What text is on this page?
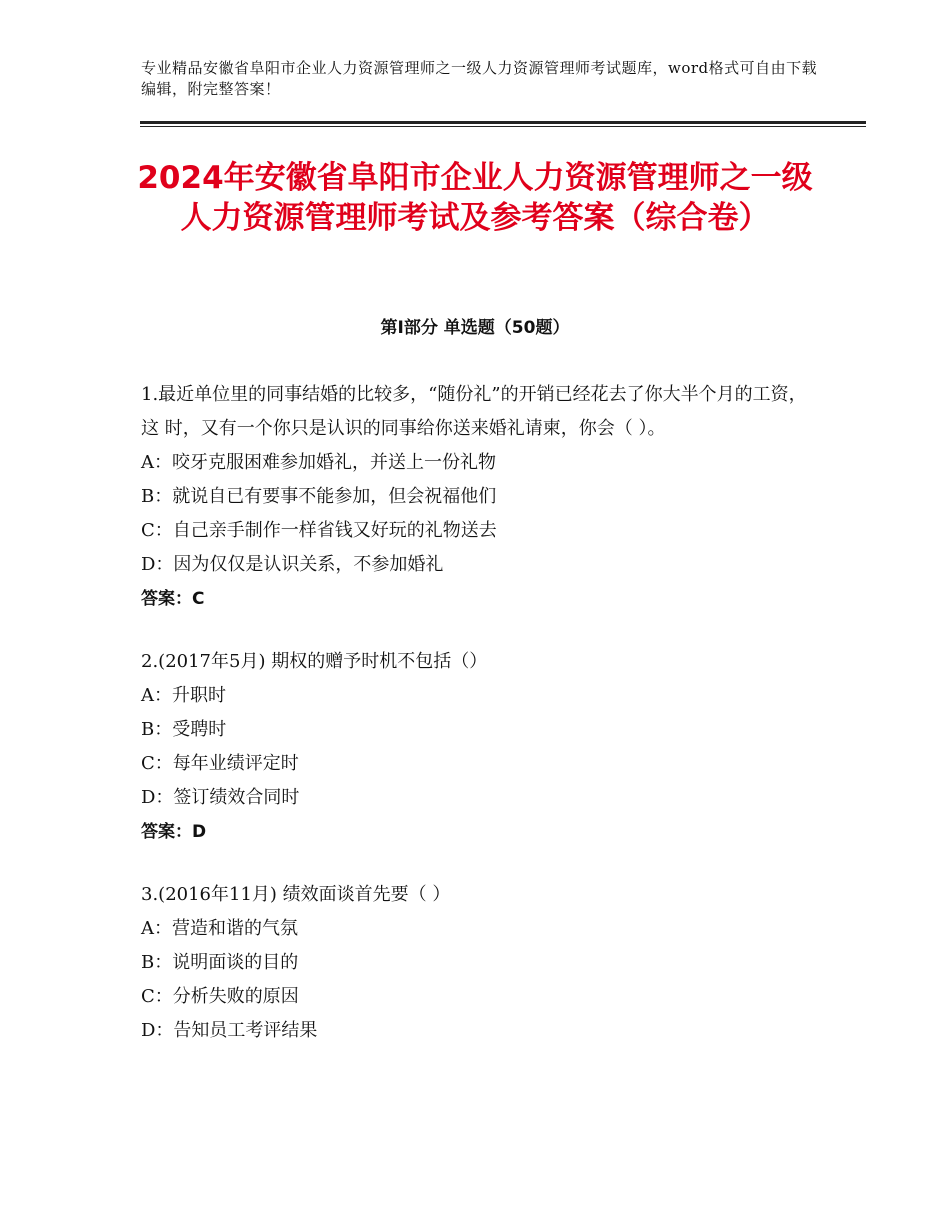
专业精品安徽省阜阳市企业人力资源管理师之一级人力资源管理师考试题库，word格式可自由下载编辑，附完整答案！
2024年安徽省阜阳市企业人力资源管理师之一级人力资源管理师考试及参考答案（综合卷）
第Ⅰ部分 单选题（50题）
1.最近单位里的同事结婚的比较多，“随份礼”的开销已经花去了你大半个月的工资，这 时，又有一个你只是认识的同事给你送来婚礼请柬，你会（ ）。
A：咬牙克服困难参加婚礼，并送上一份礼物
B：就说自已有要事不能参加，但会祝福他们
C：自己亲手制作一样省钱又好玩的礼物送去
D：因为仅仅是认识关系，不参加婚礼
答案：C
2.(2017年5月) 期权的赠予时机不包括（）
A：升职时
B：受聘时
C：每年业绩评定时
D：签订绩效合同时
答案：D
3.(2016年11月) 绩效面谈首先要（ ）
A：营造和谐的气氛
B：说明面谈的目的
C：分析失败的原因
D：告知员工考评结果
